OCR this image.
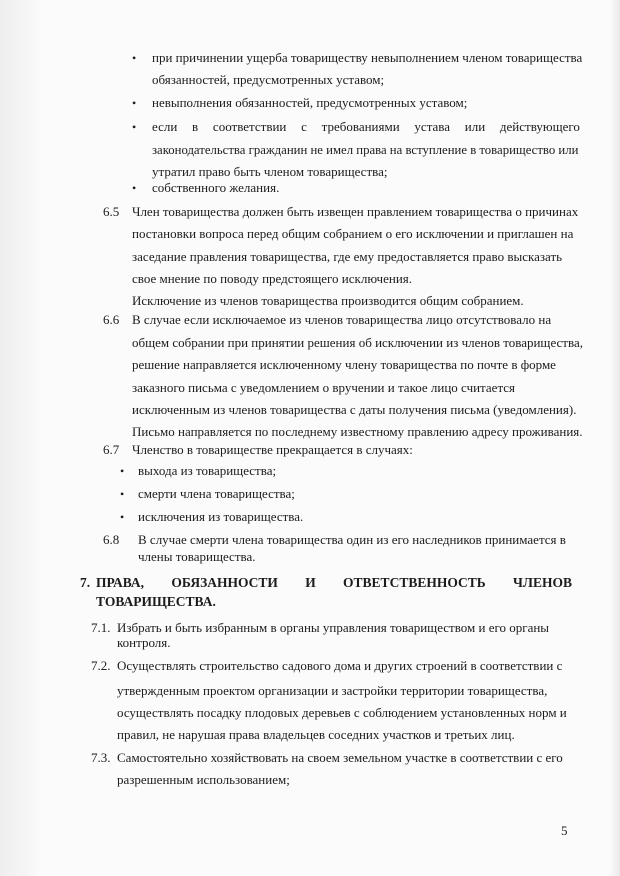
• при причинении ущерба товариществу невыполнением членом товарищества
обязанностей, предусмотренных уставом;
• невыполнения обязанностей, предусмотренных уставом;
• если в соответствии с требованиями устава или действующего
законодательства гражданин не имел права на вступление в товарищество или
утратил право быть членом товарищества;
• собственного желания.
6.5 Член товарищества должен быть извещен правлением товарищества о причинах
постановки вопроса перед общим собранием о его исключении и приглашен на
заседание правления товарищества, где ему предоставляется право высказать
свое мнение по поводу предстоящего исключения.
Исключение из членов товарищества производится общим собранием.
6.6 В случае если исключаемое из членов товарищества лицо отсутствовало на
общем собрании при принятии решения об исключении из членов товарищества,
решение направляется исключенному члену товарищества по почте в форме
заказного письма с уведомлением о вручении и такое лицо считается
исключенным из членов товарищества с даты получения письма (уведомления).
Письмо направляется по последнему известному правлению адресу проживания.
6.7 Членство в товариществе прекращается в случаях:
• выхода из товарищества;
• смерти члена товарищества;
• исключения из товарищества.
6.8 В случае смерти члена товарищества один из его наследников принимается в
члены товарищества.
7. ПРАВА, ОБЯЗАННОСТИ И ОТВЕТСТВЕННОСТЬ ЧЛЕНОВ
ТОВАРИЩЕСТВА.
7.1. Избрать и быть избранным в органы управления товариществом и его органы
контроля.
7.2. Осуществлять строительство садового дома и других строений в соответствии с
утвержденным проектом организации и застройки территории товарищества,
осуществлять посадку плодовых деревьев с соблюдением установленных норм и
правил, не нарушая права владельцев соседних участков и третьих лиц.
7.3. Самостоятельно хозяйствовать на своем земельном участке в соответствии с его
разрешенным использованием;
5
